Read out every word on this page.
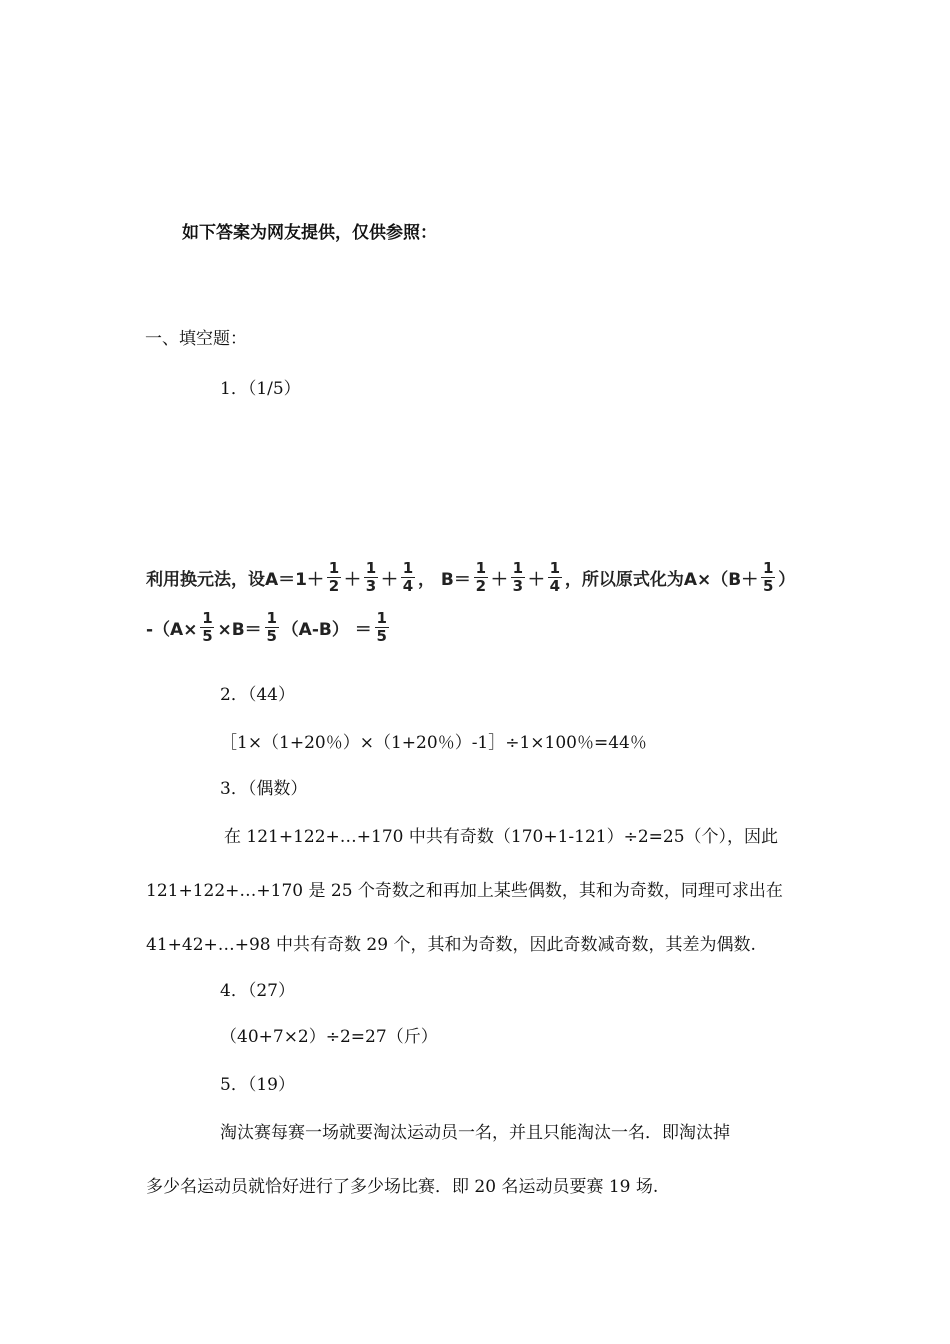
如下答案为网友提供，仅供参照：
一、填空题：
1．（1/5）
利用换元法，设$A=1+ \frac{1}{2} + \frac{1}{3} + \frac{1}{4}$ ， $B= \frac{1}{2} + \frac{1}{3} + \frac{1}{4}$ ，所以原式化为$A\times(B+ \frac{1}{5}$ ）
$-(A\times \frac{1}{5} \times B= \frac{1}{5} (A-B) = \frac{1}{5}$
2．（44）
［1×（1+20％）×（1+20％）-1］÷1×100％=44％
3．（偶数）
在 121+122+…+170 中共有奇数（170+1-121）÷2=25（个），因此
121+122+…+170 是 25 个奇数之和再加上某些偶数，其和为奇数，同理可求出在
41+42+…+98 中共有奇数 29 个，其和为奇数，因此奇数减奇数，其差为偶数.
4．（27）
（40+7×2）÷2=27（斤）
5．（19）
淘汰赛每赛一场就要淘汰运动员一名，并且只能淘汰一名．即淘汰掉
多少名运动员就恰好进行了多少场比赛．即 20 名运动员要赛 19 场.
